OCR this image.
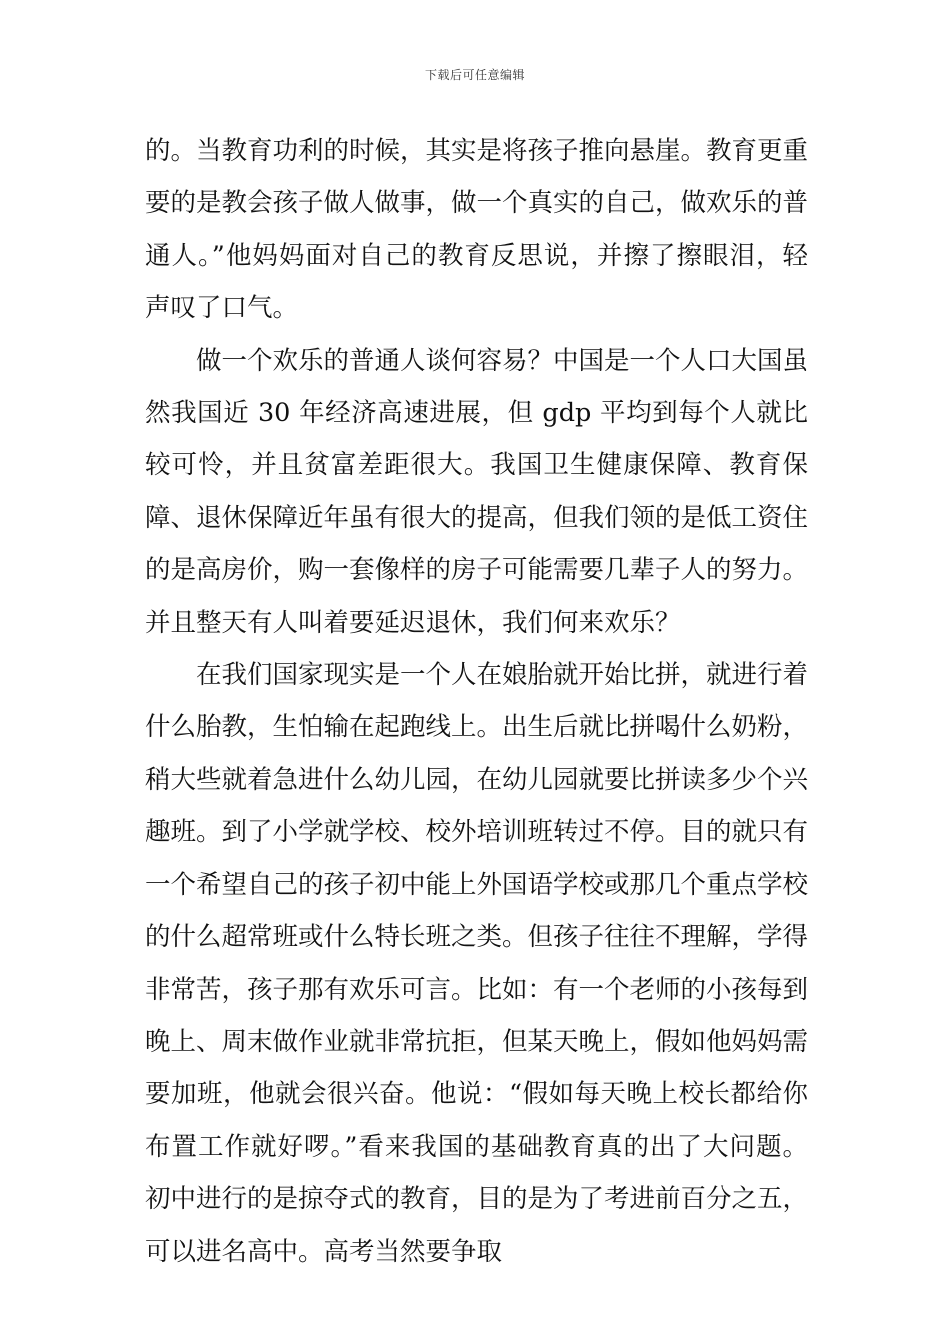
下载后可任意编辑

的。当教育功利的时候，其实是将孩子推向悬崖。教育更重要的是教会孩子做人做事，做一个真实的自己，做欢乐的普通人。”他妈妈面对自己的教育反思说，并擦了擦眼泪，轻声叹了口气。

做一个欢乐的普通人谈何容易？中国是一个人口大国虽然我国近 30 年经济高速进展，但 gdp 平均到每个人就比较可怜，并且贫富差距很大。我国卫生健康保障、教育保障、退休保障近年虽有很大的提高，但我们领的是低工资住的是高房价，购一套像样的房子可能需要几辈子人的努力。并且整天有人叫着要延迟退休，我们何来欢乐？

在我们国家现实是一个人在娘胎就开始比拼，就进行着什么胎教，生怕输在起跑线上。出生后就比拼喝什么奶粉，稍大些就着急进什么幼儿园，在幼儿园就要比拼读多少个兴趣班。到了小学就学校、校外培训班转过不停。目的就只有一个希望自己的孩子初中能上外国语学校或那几个重点学校的什么超常班或什么特长班之类。但孩子往往不理解，学得非常苦，孩子那有欢乐可言。比如：有一个老师的小孩每到晚上、周末做作业就非常抗拒，但某天晚上，假如他妈妈需要加班，他就会很兴奋。他说：“假如每天晚上校长都给你布置工作就好啰。”看来我国的基础教育真的出了大问题。初中进行的是掠夺式的教育，目的是为了考进前百分之五，可以进名高中。高考当然要争取
